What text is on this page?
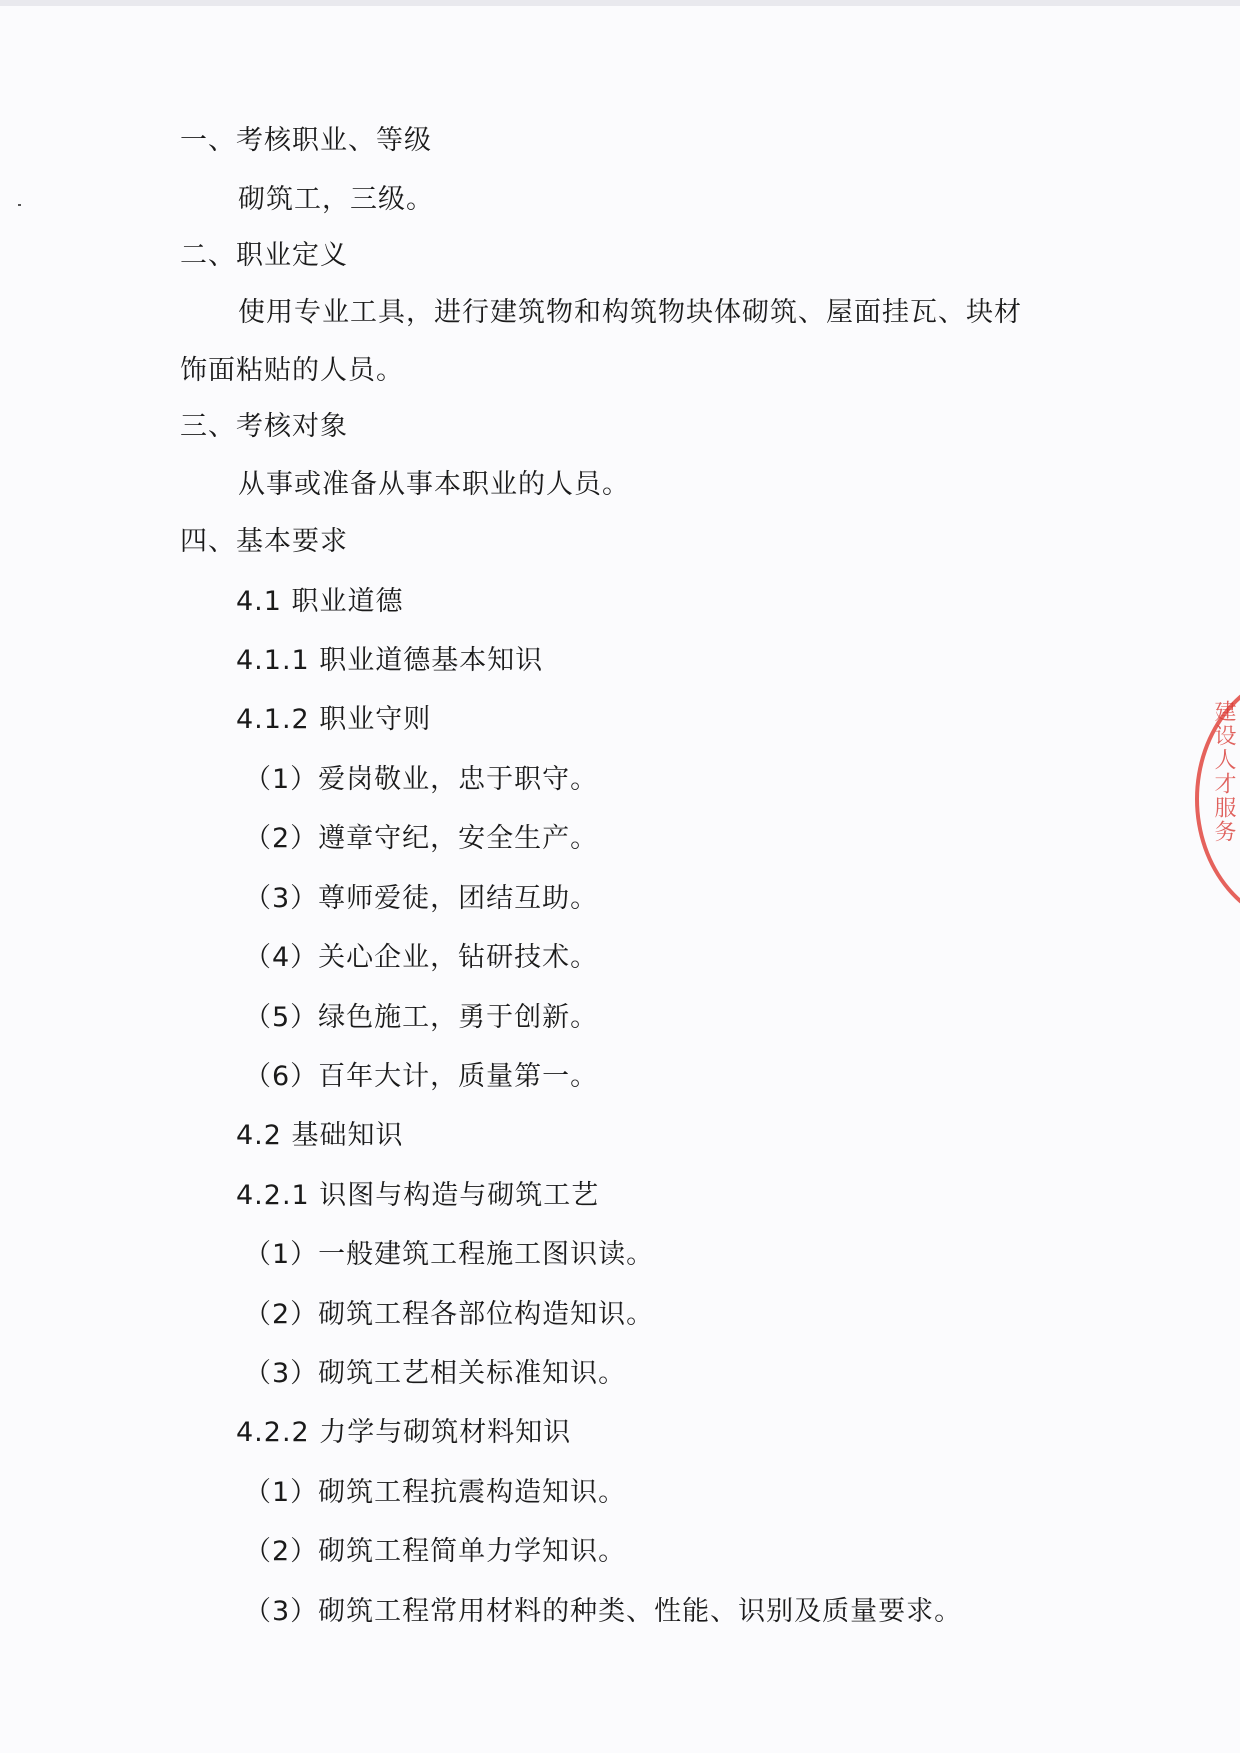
一、考核职业、等级
砌筑工，三级。
二、职业定义
使用专业工具，进行建筑物和构筑物块体砌筑、屋面挂瓦、块材
饰面粘贴的人员。
三、考核对象
从事或准备从事本职业的人员。
四、基本要求
4.1 职业道德
4.1.1 职业道德基本知识
4.1.2 职业守则
（1）爱岗敬业，忠于职守。
（2）遵章守纪，安全生产。
（3）尊师爱徒，团结互助。
（4）关心企业，钻研技术。
（5）绿色施工，勇于创新。
（6）百年大计，质量第一。
4.2 基础知识
4.2.1 识图与构造与砌筑工艺
（1）一般建筑工程施工图识读。
（2）砌筑工程各部位构造知识。
（3）砌筑工艺相关标准知识。
4.2.2 力学与砌筑材料知识
（1）砌筑工程抗震构造知识。
（2）砌筑工程简单力学知识。
（3）砌筑工程常用材料的种类、性能、识别及质量要求。
建设人才服务
